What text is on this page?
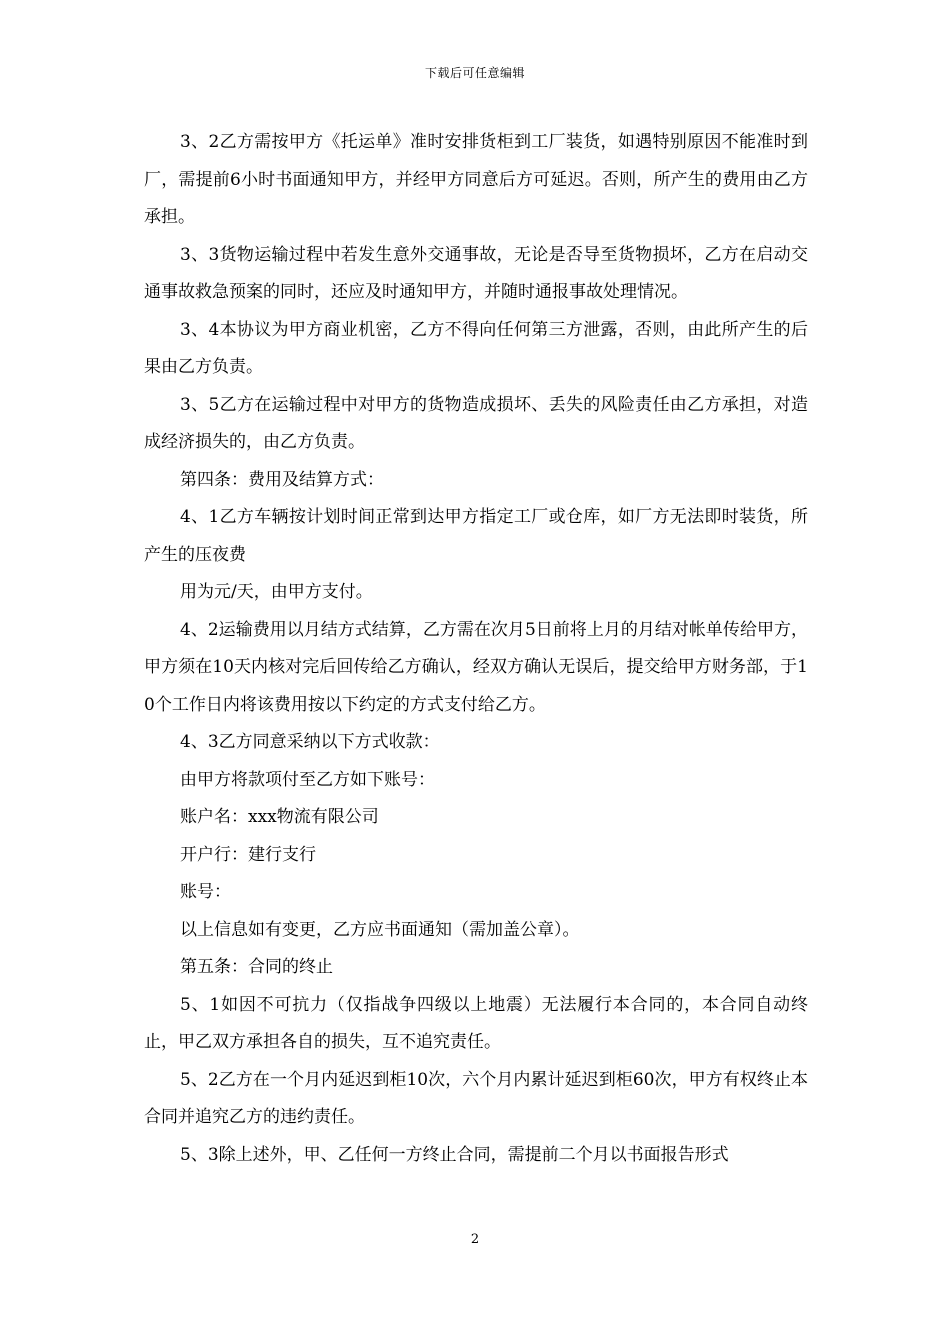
下载后可任意编辑

3、2乙方需按甲方《托运单》准时安排货柜到工厂装货，如遇特别原因不能准时到厂，需提前6小时书面通知甲方，并经甲方同意后方可延迟。否则，所产生的费用由乙方承担。

3、3货物运输过程中若发生意外交通事故，无论是否导至货物损坏，乙方在启动交通事故救急预案的同时，还应及时通知甲方，并随时通报事故处理情况。

3、4本协议为甲方商业机密，乙方不得向任何第三方泄露，否则，由此所产生的后果由乙方负责。

3、5乙方在运输过程中对甲方的货物造成损坏、丢失的风险责任由乙方承担，对造成经济损失的，由乙方负责。

第四条：费用及结算方式：

4、1乙方车辆按计划时间正常到达甲方指定工厂或仓库，如厂方无法即时装货，所产生的压夜费

用为元/天，由甲方支付。

4、2运输费用以月结方式结算，乙方需在次月5日前将上月的月结对帐单传给甲方，甲方须在10天内核对完后回传给乙方确认，经双方确认无误后，提交给甲方财务部，于10个工作日内将该费用按以下约定的方式支付给乙方。

4、3乙方同意采纳以下方式收款：

由甲方将款项付至乙方如下账号：

账户名：xxx物流有限公司

开户行：建行支行

账号：

以上信息如有变更，乙方应书面通知（需加盖公章）。

第五条：合同的终止

5、1如因不可抗力（仅指战争四级以上地震）无法履行本合同的，本合同自动终止，甲乙双方承担各自的损失，互不追究责任。

5、2乙方在一个月内延迟到柜10次，六个月内累计延迟到柜60次，甲方有权终止本合同并追究乙方的违约责任。

5、3除上述外，甲、乙任何一方终止合同，需提前二个月以书面报告形式

2
